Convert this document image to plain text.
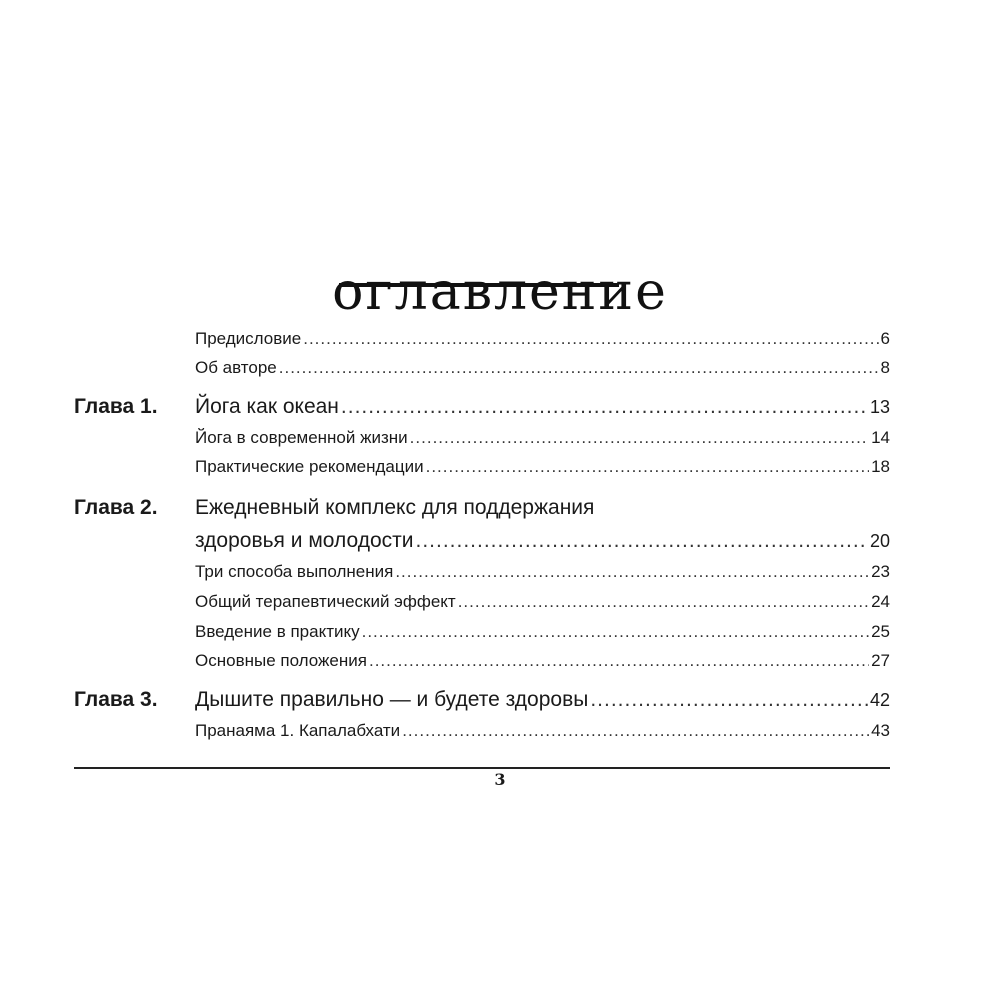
оглавление
Предисловие .....	6
Об авторе .....	8
Глава 1. Йога как океан .....	13
Йога в современной жизни .....	14
Практические рекомендации .....	18
Глава 2. Ежедневный комплекс для поддержания
здоровья и молодости .....	20
Три способа выполнения .....	23
Общий терапевтический эффект .....	24
Введение в практику .....	25
Основные положения .....	27
Глава 3. Дышите правильно — и будете здоровы .....	42
Пранаяма 1. Капалабхати .....	43
3
